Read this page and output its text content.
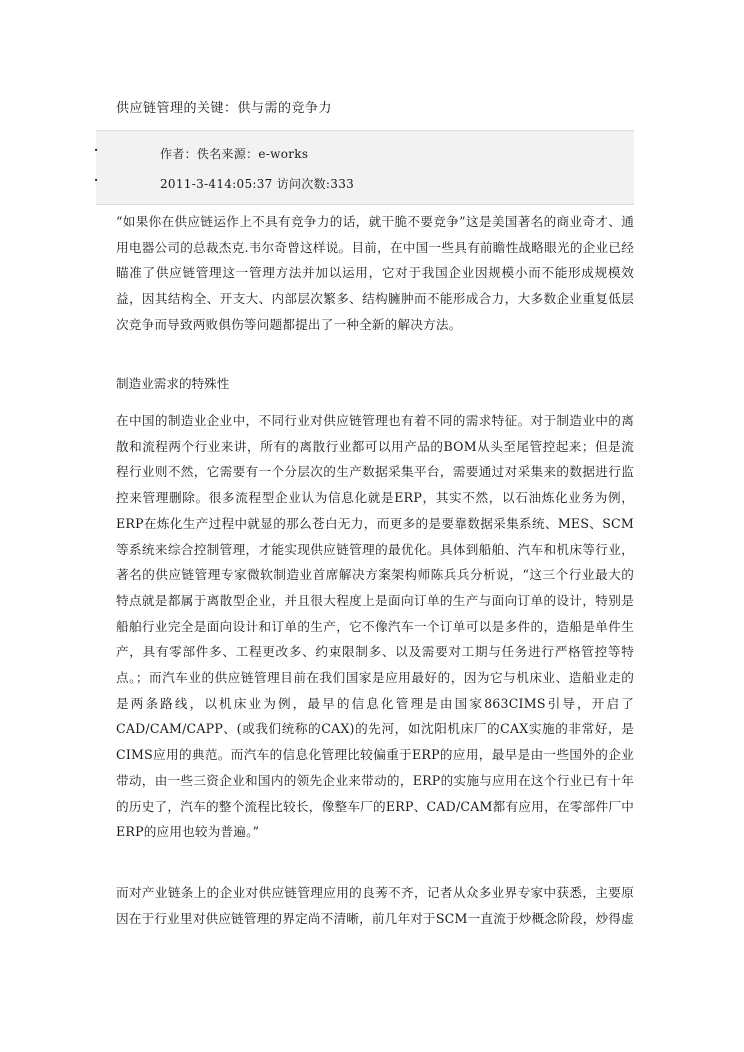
供应链管理的关键：供与需的竞争力
作者：佚名来源：e-works
2011-3-414:05:37 访问次数:333
·
·

“如果你在供应链运作上不具有竞争力的话，就干脆不要竞争”这是美国著名的商业奇才、通用电器公司的总裁杰克.韦尔奇曾这样说。目前，在中国一些具有前瞻性战略眼光的企业已经瞄准了供应链管理这一管理方法并加以运用，它对于我国企业因规模小而不能形成规模效益，因其结构全、开支大、内部层次繁多、结构臃肿而不能形成合力，大多数企业重复低层次竞争而导致两败俱伤等问题都提出了一种全新的解决方法。

制造业需求的特殊性

在中国的制造业企业中，不同行业对供应链管理也有着不同的需求特征。对于制造业中的离散和流程两个行业来讲，所有的离散行业都可以用产品的BOM从头至尾管控起来；但是流程行业则不然，它需要有一个分层次的生产数据采集平台，需要通过对采集来的数据进行监控来管理删除。很多流程型企业认为信息化就是ERP，其实不然，以石油炼化业务为例，ERP在炼化生产过程中就显的那么苍白无力，而更多的是要靠数据采集系统、MES、SCM等系统来综合控制管理，才能实现供应链管理的最优化。具体到船舶、汽车和机床等行业，著名的供应链管理专家微软制造业首席解决方案架构师陈兵兵分析说，“这三个行业最大的特点就是都属于离散型企业，并且很大程度上是面向订单的生产与面向订单的设计，特别是船舶行业完全是面向设计和订单的生产，它不像汽车一个订单可以是多件的，造船是单件生产，具有零部件多、工程更改多、约束限制多、以及需要对工期与任务进行严格管控等特点。；而汽车业的供应链管理目前在我们国家是应用最好的，因为它与机床业、造船业走的是两条路线，以机床业为例，最早的信息化管理是由国家863CIMS引导，开启了CAD/CAM/CAPP、(或我们统称的CAX)的先河，如沈阳机床厂的CAX实施的非常好，是CIMS应用的典范。而汽车的信息化管理比较偏重于ERP的应用，最早是由一些国外的企业带动，由一些三资企业和国内的领先企业来带动的，ERP的实施与应用在这个行业已有十年的历史了，汽车的整个流程比较长，像整车厂的ERP、CAD/CAM都有应用，在零部件厂中ERP的应用也较为普遍。”

而对产业链条上的企业对供应链管理应用的良莠不齐，记者从众多业界专家中获悉，主要原因在于行业里对供应链管理的界定尚不清晰，前几年对于SCM一直流于炒概念阶段，炒得虚
